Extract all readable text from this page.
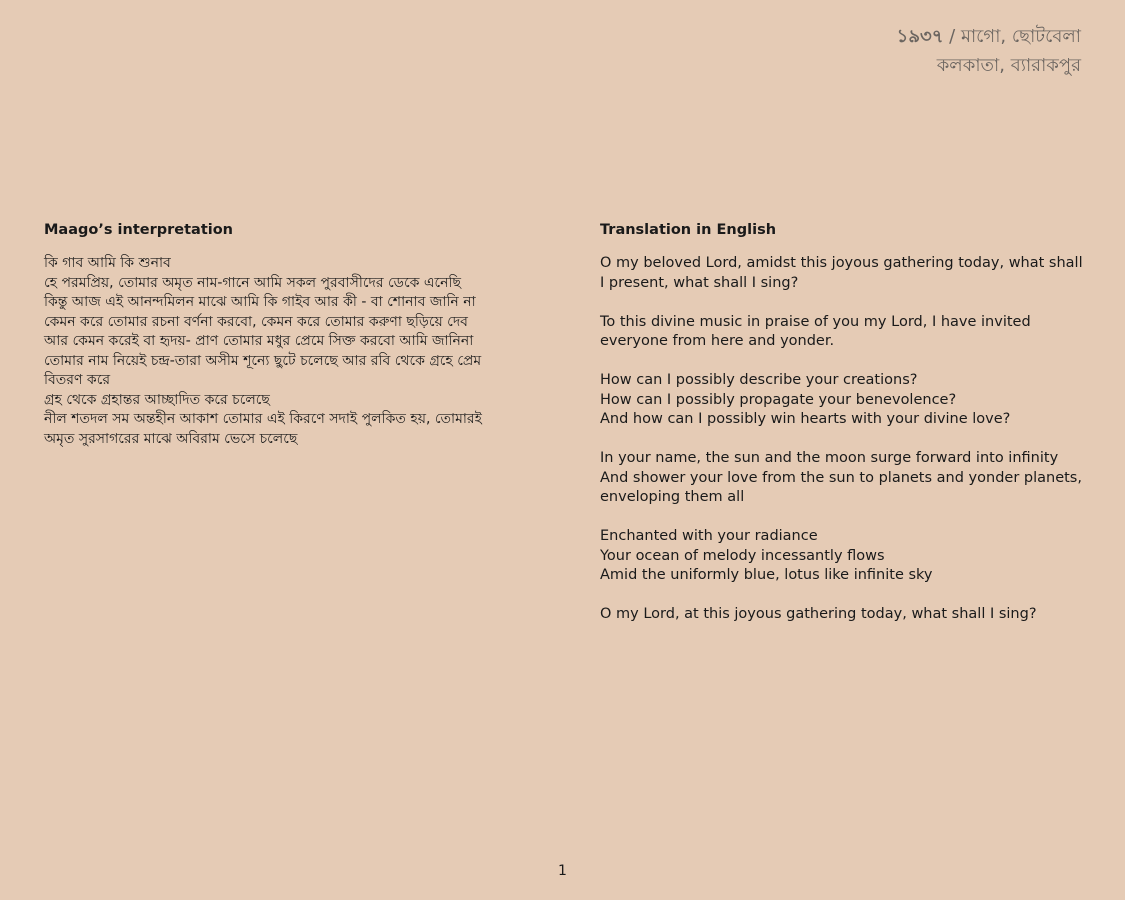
১৯৩৭ / মাগো, ছোটবেলা
কলকাতা, ব্যারাকপুর
Maago’s interpretation
কি গাব আমি কি শুনাব
হে পরমপ্রিয়, তোমার অমৃত নাম-গানে আমি সকল পুরবাসীদের ডেকে এনেছি
কিন্তু আজ এই আনন্দমিলন মাঝে আমি কি গাইব আর কী - বা শোনাব জানি না
কেমন করে তোমার রচনা বর্ণনা করবো, কেমন করে তোমার করুণা ছড়িয়ে দেব
আর কেমন করেই বা হৃদয়- প্রাণ তোমার মধুর প্রেমে সিক্ত করবো আমি জানিনা
তোমার নাম নিয়েই চন্দ্র-তারা অসীম শূন্যে ছুটে চলেছে আর রবি থেকে গ্রহে প্রেম
বিতরণ করে
গ্রহ থেকে গ্রহান্তর আচ্ছাদিত করে চলেছে
নীল শতদল সম অন্তহীন আকাশ তোমার এই কিরণে সদাই পুলকিত হয়, তোমারই
অমৃত সুরসাগরের মাঝে অবিরাম ভেসে চলেছে
Translation in English
O my beloved Lord, amidst this joyous gathering today, what shall
I present, what shall I sing?
To this divine music in praise of you my Lord, I have invited
everyone from here and yonder.
How can I possibly describe your creations?
How can I possibly propagate your benevolence?
And how can I possibly win hearts with your divine love?
In your name, the sun and the moon surge forward into infinity
And shower your love from the sun to planets and yonder planets,
enveloping them all
Enchanted with your radiance
Your ocean of melody incessantly flows
Amid the uniformly blue, lotus like infinite sky
O my Lord, at this joyous gathering today, what shall I sing?
1
